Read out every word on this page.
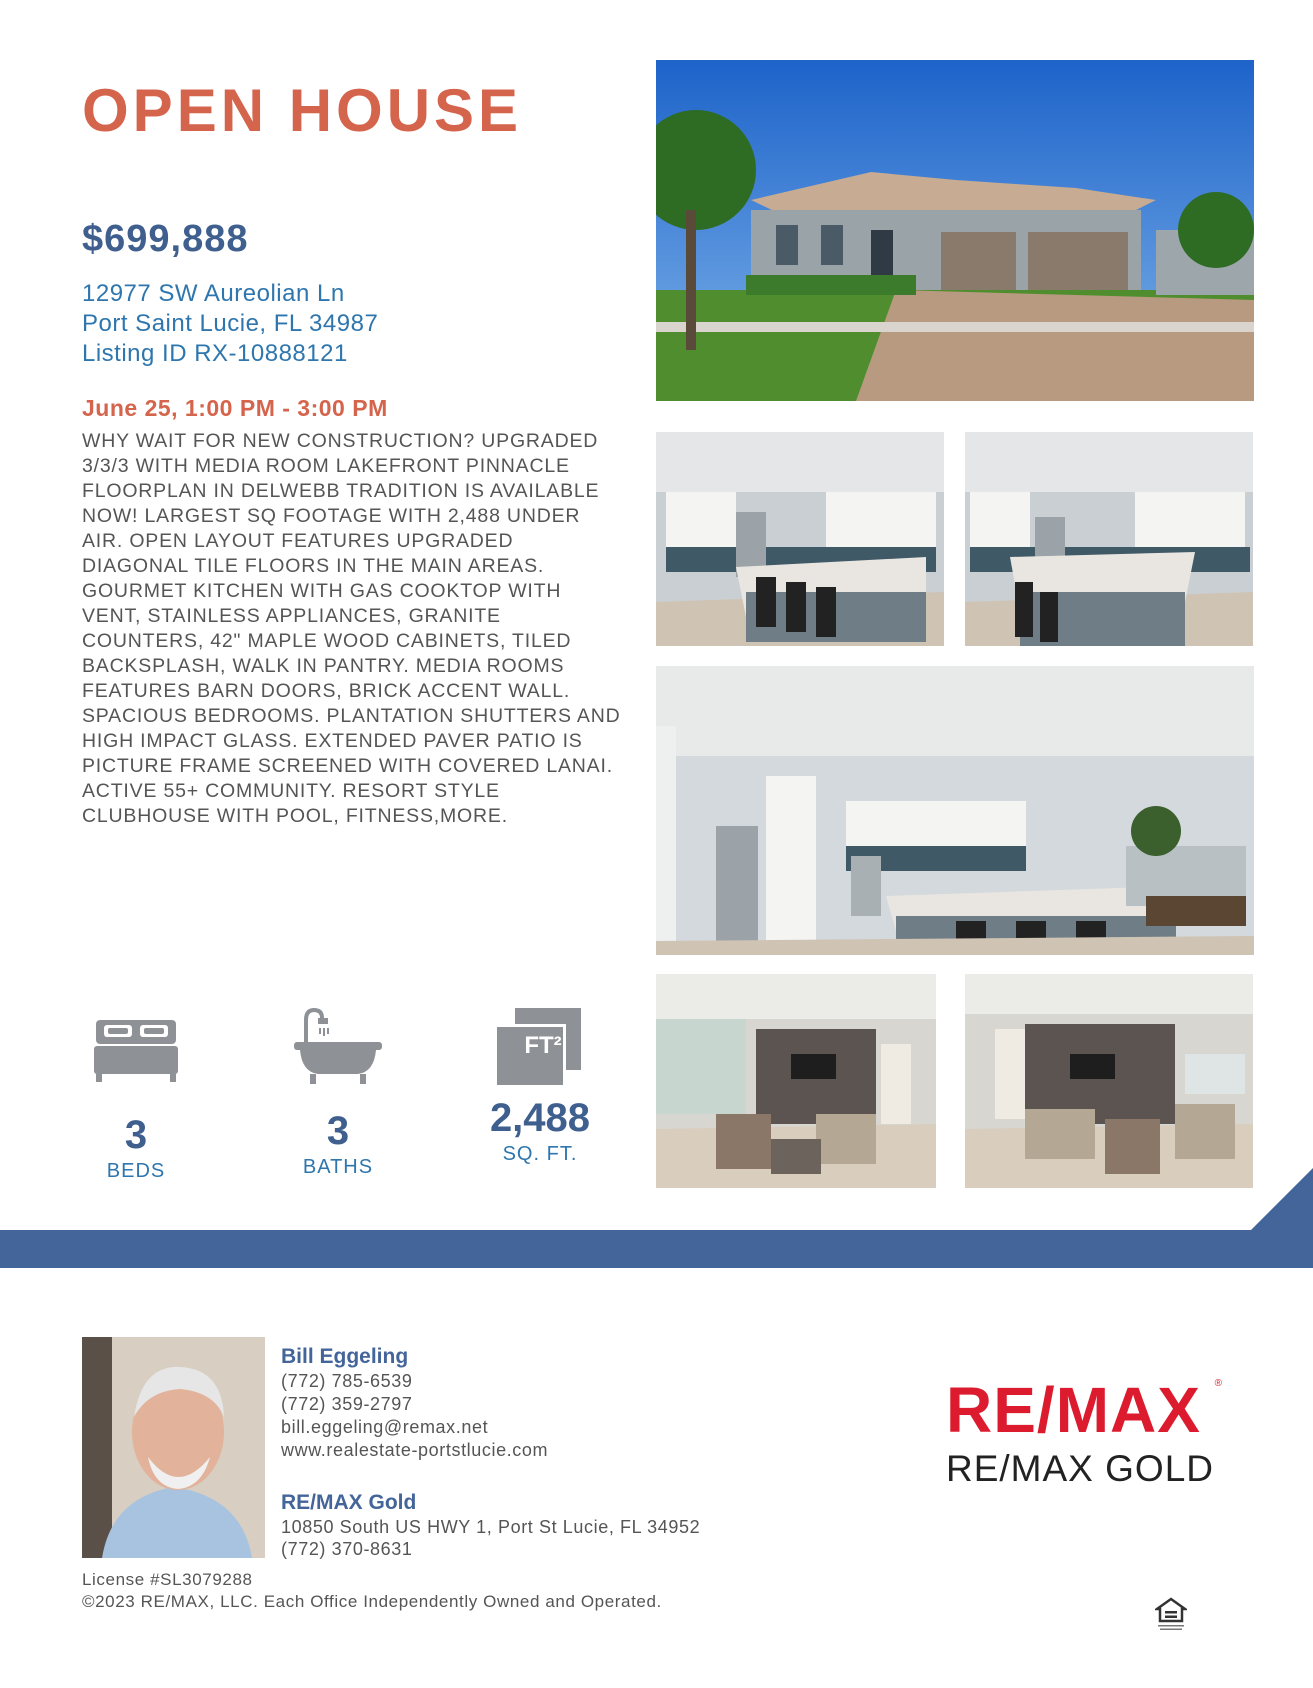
OPEN HOUSE
$699,888
12977 SW Aureolian Ln
Port Saint Lucie, FL 34987
Listing ID RX-10888121
June 25, 1:00 PM - 3:00 PM
WHY WAIT FOR NEW CONSTRUCTION? UPGRADED 3/3/3 WITH MEDIA ROOM LAKEFRONT PINNACLE FLOORPLAN IN DELWEBB TRADITION IS AVAILABLE NOW! LARGEST SQ FOOTAGE WITH 2,488 UNDER AIR. OPEN LAYOUT FEATURES UPGRADED DIAGONAL TILE FLOORS IN THE MAIN AREAS. GOURMET KITCHEN WITH GAS COOKTOP WITH VENT, STAINLESS APPLIANCES, GRANITE COUNTERS, 42" MAPLE WOOD CABINETS, TILED BACKSPLASH, WALK IN PANTRY. MEDIA ROOMS FEATURES BARN DOORS, BRICK ACCENT WALL. SPACIOUS BEDROOMS. PLANTATION SHUTTERS AND HIGH IMPACT GLASS. EXTENDED PAVER PATIO IS PICTURE FRAME SCREENED WITH COVERED LANAI. ACTIVE 55+ COMMUNITY. RESORT STYLE CLUBHOUSE WITH POOL, FITNESS,MORE.
3
BEDS
3
BATHS
FT²
2,488
SQ. FT.
Bill Eggeling
(772) 785-6539
(772) 359-2797
bill.eggeling@remax.net
www.realestate-portstlucie.com
RE/MAX Gold
10850 South US HWY 1, Port St Lucie, FL 34952
(772) 370-8631
RE/MAX ®
RE/MAX GOLD
License #SL3079288
©2023 RE/MAX, LLC. Each Office Independently Owned and Operated.
